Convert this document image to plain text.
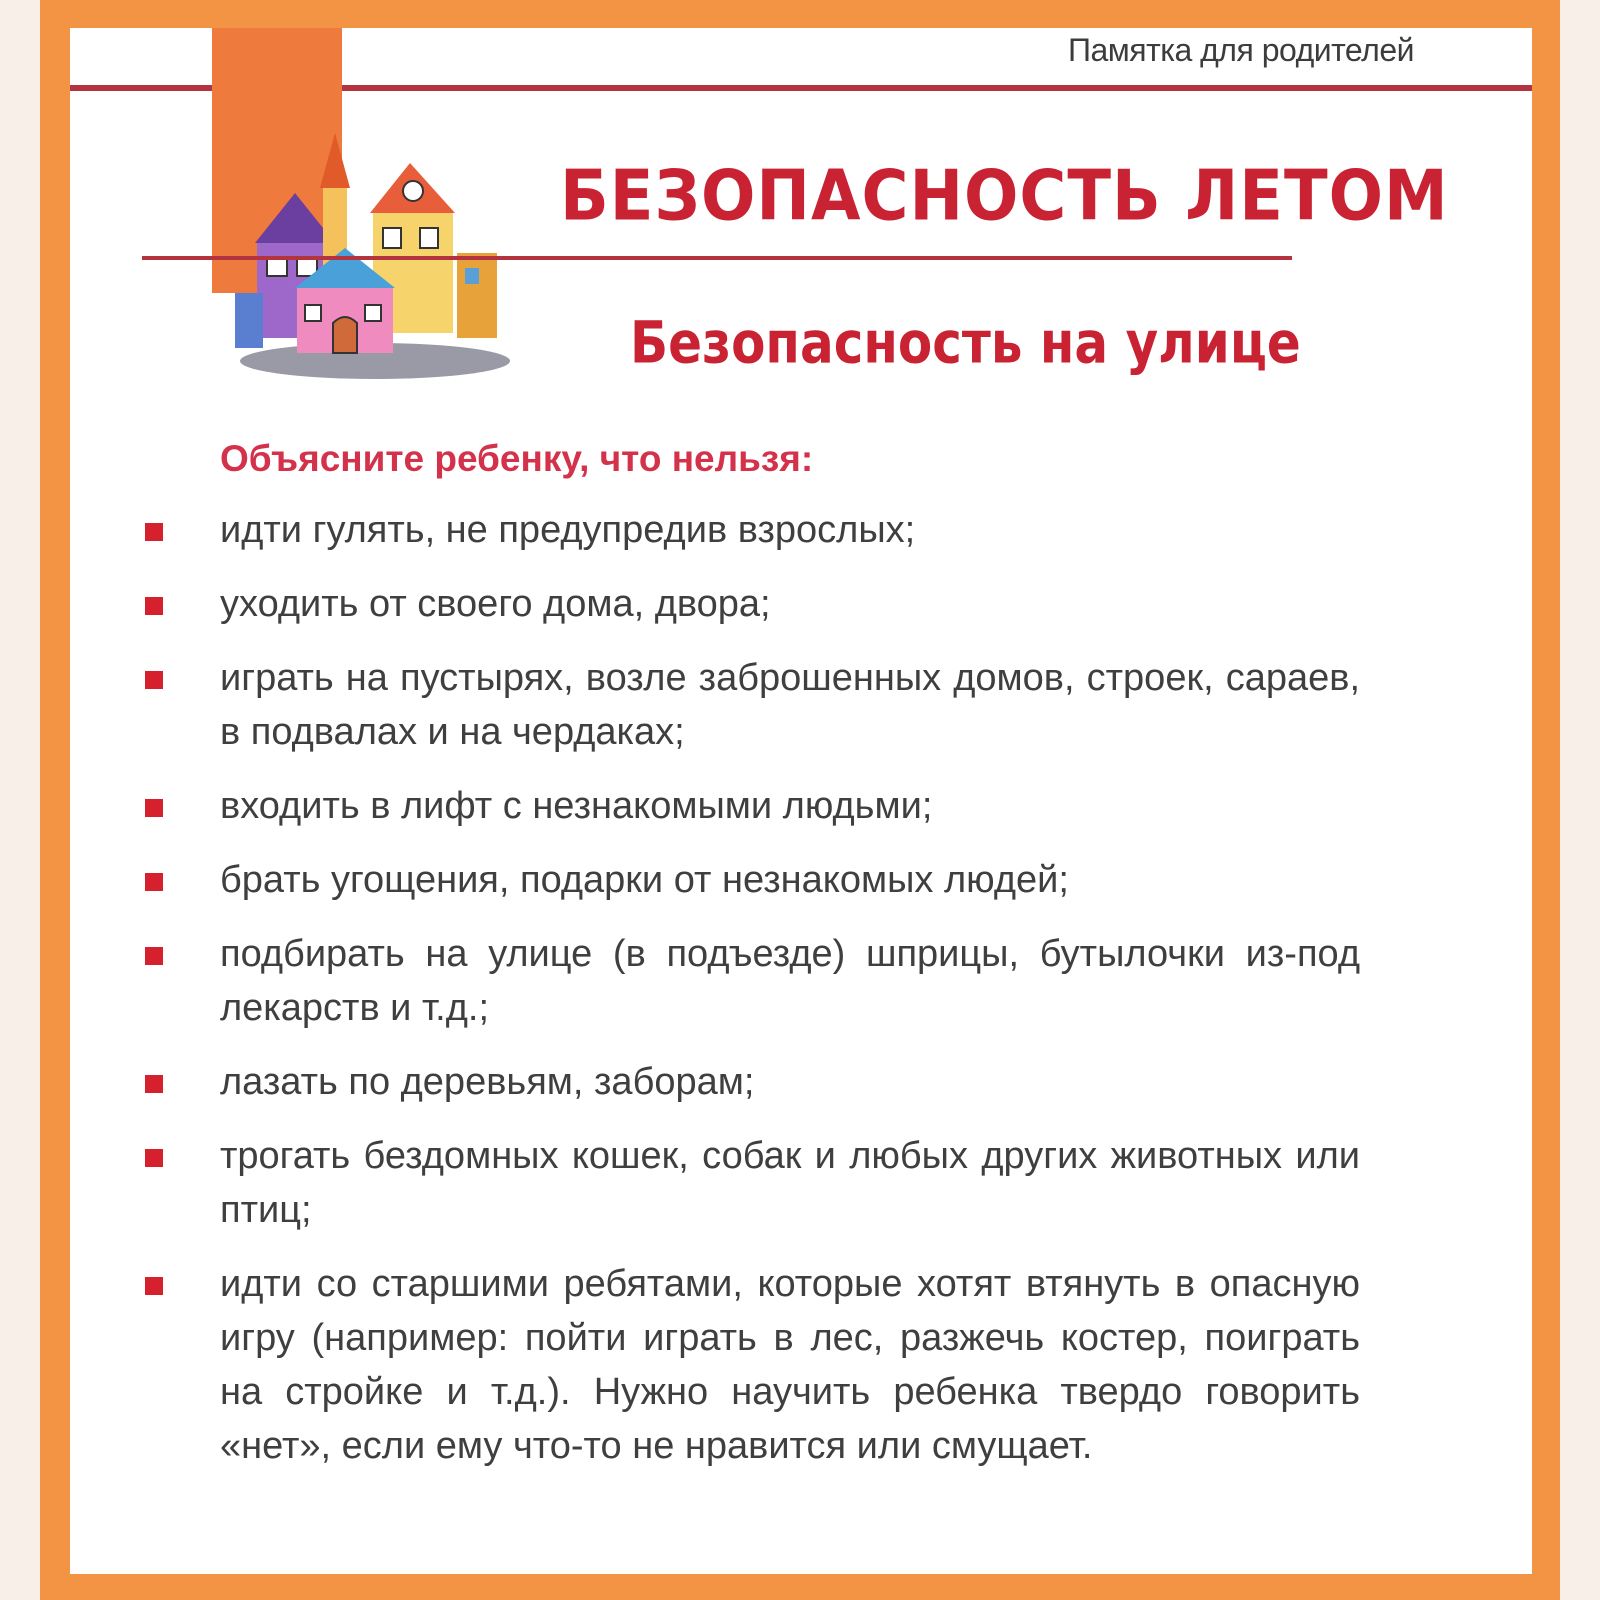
Памятка для родителей
БЕЗОПАСНОСТЬ ЛЕТОМ
Безопасность на улице
Объясните ребенку, что нельзя:
идти гулять, не предупредив взрослых;
уходить от своего дома, двора;
играть на пустырях, возле заброшенных домов, строек, сараев, в подвалах и на чердаках;
входить в лифт с незнакомыми людьми;
брать угощения, подарки от незнакомых людей;
подбирать на улице (в подъезде) шприцы, бутылочки из-под лекарств и т.д.;
лазать по деревьям, заборам;
трогать бездомных кошек, собак и любых других животных или птиц;
идти со старшими ребятами, которые хотят втянуть в опасную игру (например: пойти играть в лес, разжечь костер, поиграть на стройке и т.д.). Нужно научить ребенка твердо говорить «нет», если ему что-то не нравится или смущает.
